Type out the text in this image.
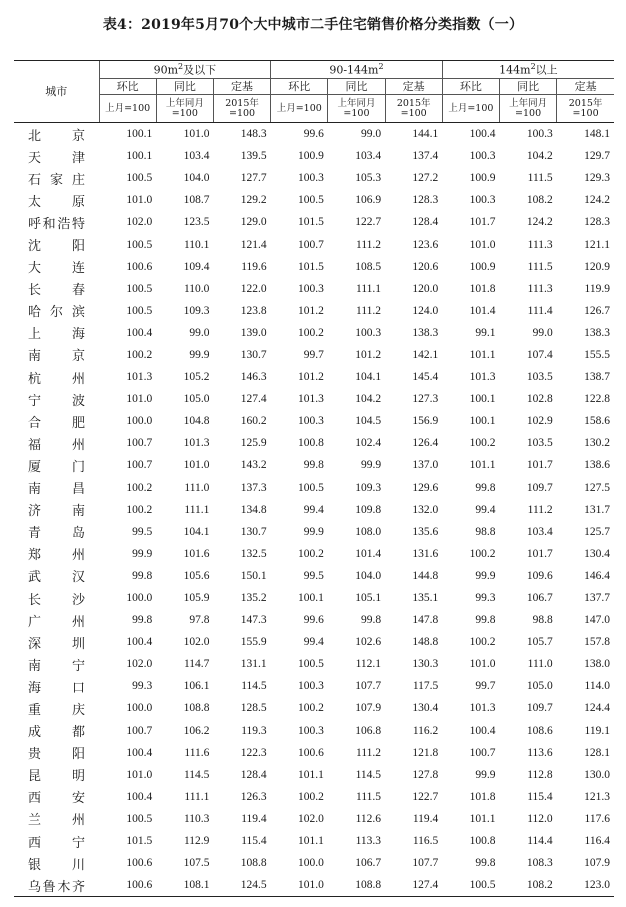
表4：2019年5月70个大中城市二手住宅销售价格分类指数（一）
城市	$90m^2$及以下			$90-144m^2$			$144m^2$以上		
	环比	同比	定基	环比	同比	定基	环比	同比	定基
	上月=100	上年同月=100	2015年=100	上月=100	上年同月=100	2015年=100	上月=100	上年同月=100	2015年=100
北京	100.1	101.0	148.3	99.6	99.0	144.1	100.4	100.3	148.1
天津	100.1	103.4	139.5	100.9	103.4	137.4	100.3	104.2	129.7
石家庄	100.5	104.0	127.7	100.3	105.3	127.2	100.9	111.5	129.3
太原	101.0	108.7	129.2	100.5	106.9	128.3	100.3	108.2	124.2
呼和浩特	102.0	123.5	129.0	101.5	122.7	128.4	101.7	124.2	128.3
沈阳	100.5	110.1	121.4	100.7	111.2	123.6	101.0	111.3	121.1
大连	100.6	109.4	119.6	101.5	108.5	120.6	100.9	111.5	120.9
长春	100.5	110.0	122.0	100.3	111.1	120.0	101.8	111.3	119.9
哈尔滨	100.5	109.3	123.8	101.2	111.2	124.0	101.4	111.4	126.7
上海	100.4	99.0	139.0	100.2	100.3	138.3	99.1	99.0	138.3
南京	100.2	99.9	130.7	99.7	101.2	142.1	101.1	107.4	155.5
杭州	101.3	105.2	146.3	101.2	104.1	145.4	101.3	103.5	138.7
宁波	101.0	105.0	127.4	101.3	104.2	127.3	100.1	102.8	122.8
合肥	100.0	104.8	160.2	100.3	104.5	156.9	100.1	102.9	158.6
福州	100.7	101.3	125.9	100.8	102.4	126.4	100.2	103.5	130.2
厦门	100.7	101.0	143.2	99.8	99.9	137.0	101.1	101.7	138.6
南昌	100.2	111.0	137.3	100.5	109.3	129.6	99.8	109.7	127.5
济南	100.2	111.1	134.8	99.4	109.8	132.0	99.4	111.2	131.7
青岛	99.5	104.1	130.7	99.9	108.0	135.6	98.8	103.4	125.7
郑州	99.9	101.6	132.5	100.2	101.4	131.6	100.2	101.7	130.4
武汉	99.8	105.6	150.1	99.5	104.0	144.8	99.9	109.6	146.4
长沙	100.0	105.9	135.2	100.1	105.1	135.1	99.3	106.7	137.7
广州	99.8	97.8	147.3	99.6	99.8	147.8	99.8	98.8	147.0
深圳	100.4	102.0	155.9	99.4	102.6	148.8	100.2	105.7	157.8
南宁	102.0	114.7	131.1	100.5	112.1	130.3	101.0	111.0	138.0
海口	99.3	106.1	114.5	100.3	107.7	117.5	99.7	105.0	114.0
重庆	100.0	108.8	128.5	100.2	107.9	130.4	101.3	109.7	124.4
成都	100.7	106.2	119.3	100.3	106.8	116.2	100.4	108.6	119.1
贵阳	100.4	111.6	122.3	100.6	111.2	121.8	100.7	113.6	128.1
昆明	101.0	114.5	128.4	101.1	114.5	127.8	99.9	112.8	130.0
西安	100.4	111.1	126.3	100.2	111.5	122.7	101.8	115.4	121.3
兰州	100.5	110.3	119.4	102.0	112.6	119.4	101.1	112.0	117.6
西宁	101.5	112.9	115.4	101.1	113.3	116.5	100.8	114.4	116.4
银川	100.6	107.5	108.8	100.0	106.7	107.7	99.8	108.3	107.9
乌鲁木齐	100.6	108.1	124.5	101.0	108.8	127.4	100.5	108.2	123.0
